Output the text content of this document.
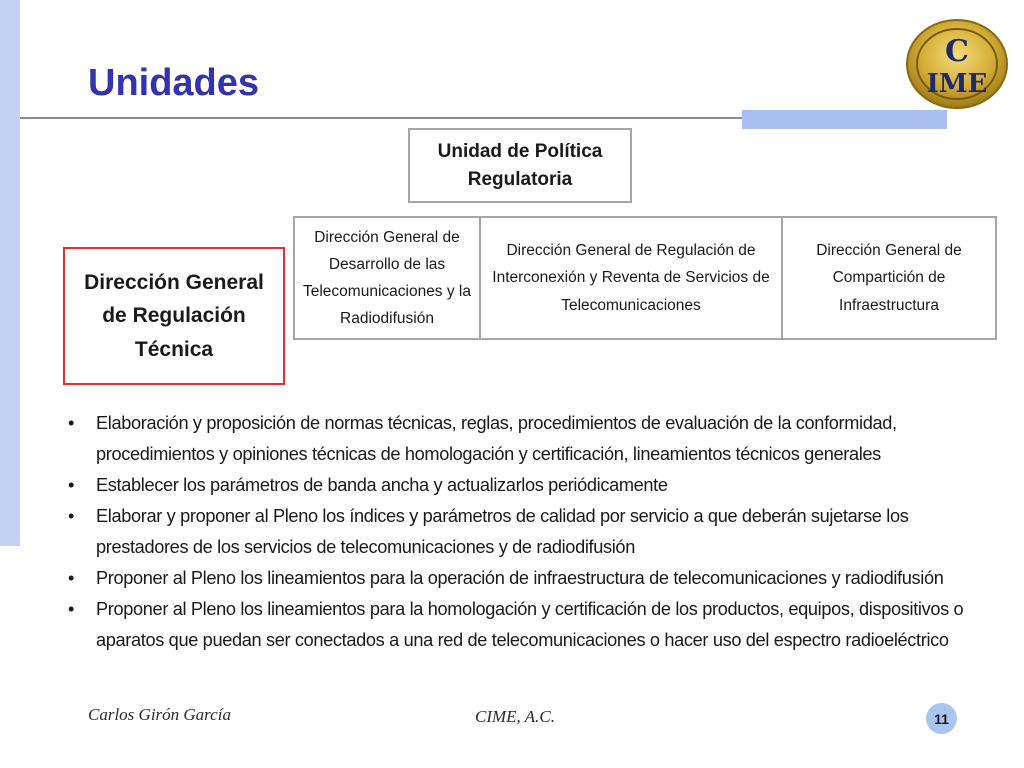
Unidades
C
IME
Unidad de Política Regulatoria
Dirección General de Desarrollo de las Telecomunicaciones y la Radiodifusión
Dirección General de Regulación de Interconexión y Reventa de Servicios de Telecomunicaciones
Dirección General de Compartición de Infraestructura
Dirección General de Regulación Técnica
•	Elaboración y proposición de normas técnicas, reglas, procedimientos de evaluación de la conformidad, procedimientos y opiniones técnicas de homologación y certificación, lineamientos técnicos generales
•	Establecer los parámetros de banda ancha y actualizarlos periódicamente
•	Elaborar y proponer al Pleno los índices y parámetros de calidad por servicio a que deberán sujetarse los prestadores de los servicios de telecomunicaciones y de radiodifusión
•	Proponer al Pleno los lineamientos para la operación de infraestructura de telecomunicaciones y radiodifusión
•	Proponer al Pleno los lineamientos para la homologación y certificación de los productos, equipos, dispositivos o aparatos que puedan ser conectados a una red de telecomunicaciones o hacer uso del espectro radioeléctrico
Carlos Girón García	CIME, A.C.	11
